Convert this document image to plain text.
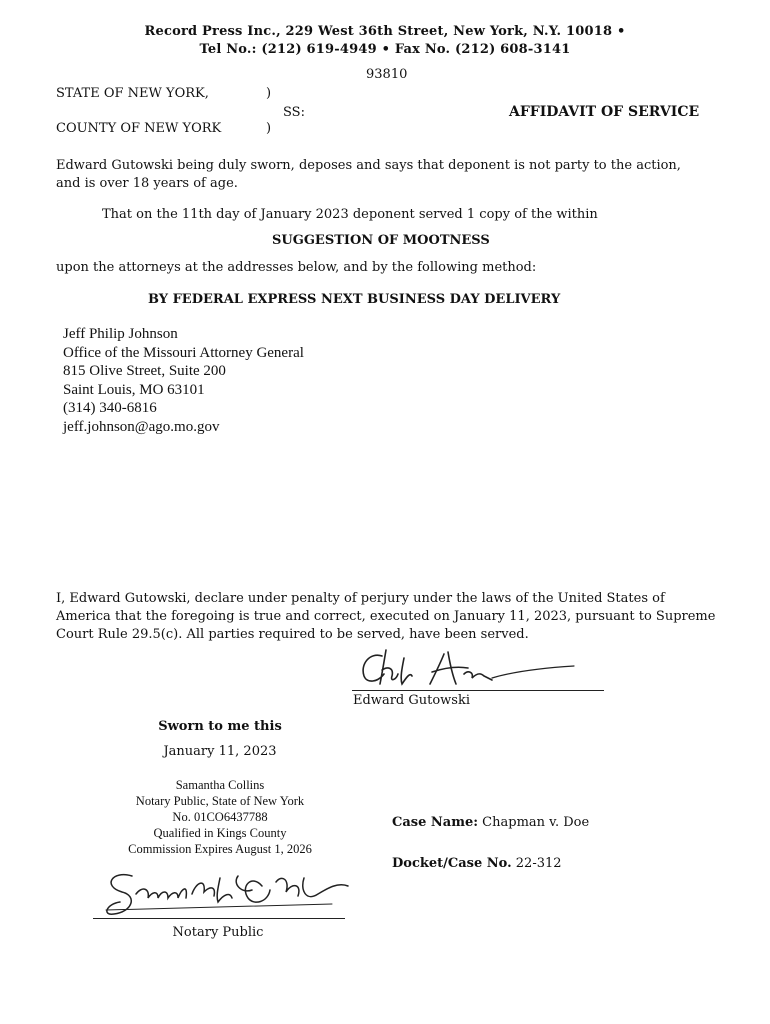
Record Press Inc., 229 West 36th Street, New York, N.Y. 10018 •
Tel No.: (212) 619-4949 • Fax No. (212) 608-3141
93810
STATE OF NEW YORK,	)
SS:	AFFIDAVIT OF SERVICE
COUNTY OF NEW YORK	)
Edward Gutowski being duly sworn, deposes and says that deponent is not party to the action, and is over 18 years of age.
That on the 11th day of January 2023 deponent served 1 copy of the within
SUGGESTION OF MOOTNESS
upon the attorneys at the addresses below, and by the following method:
BY FEDERAL EXPRESS NEXT BUSINESS DAY DELIVERY
Jeff Philip Johnson
Office of the Missouri Attorney General
815 Olive Street, Suite 200
Saint Louis, MO 63101
(314) 340-6816
jeff.johnson@ago.mo.gov
I, Edward Gutowski, declare under penalty of perjury under the laws of the United States of America that the foregoing is true and correct, executed on January 11, 2023, pursuant to Supreme Court Rule 29.5(c). All parties required to be served, have been served.
Edward Gutowski
Sworn to me this
January 11, 2023
Samantha Collins
Notary Public, State of New York
No. 01CO6437788
Qualified in Kings County
Commission Expires August 1, 2026
Notary Public
Case Name: Chapman v. Doe
Docket/Case No. 22-312
